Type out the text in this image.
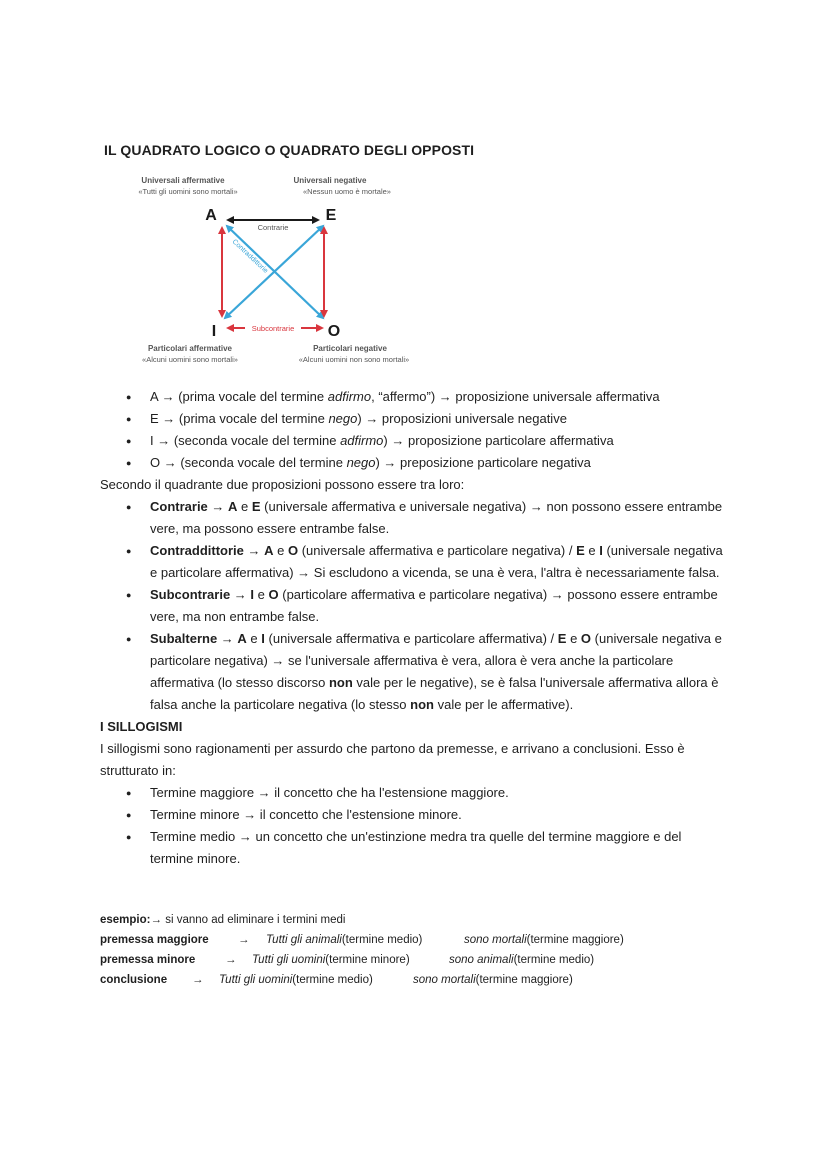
IL QUADRATO LOGICO O QUADRATO DEGLI OPPOSTI
Universali affermative
«Tutti gli uomini sono mortali»
Universali negative
«Nessun uomo è mortale»
A	E
I	O
Contrarie
Contraddittorie
Subcontrarie
Particolari affermative
«Alcuni uomini sono mortali»
Particolari negative
«Alcuni uomini non sono mortali»
● A → (prima vocale del termine adfirmo, “affermo”) → proposizione universale affermativa
● E → (prima vocale del termine nego) → proposizioni universale negative
● I → (seconda vocale del termine adfirmo) → proposizione particolare affermativa
● O → (seconda vocale del termine nego) → preposizione particolare negativa
Secondo il quadrante due proposizioni possono essere tra loro:
● Contrarie → A e E (universale affermativa e universale negativa) → non possono essere entrambe vere, ma possono essere entrambe false.
● Contraddittorie → A e O (universale affermativa e particolare negativa) / E e I (universale negativa e particolare affermativa) → Si escludono a vicenda, se una è vera, l'altra è necessariamente falsa.
● Subcontrarie → I e O (particolare affermativa e particolare negativa) → possono essere entrambe vere, ma non entrambe false.
● Subalterne → A e I (universale affermativa e particolare affermativa) / E e O (universale negativa e particolare negativa) → se l'universale affermativa è vera, allora è vera anche la particolare affermativa (lo stesso discorso non vale per le negative), se è falsa l'universale affermativa allora è falsa anche la particolare negativa (lo stesso non vale per le affermative).
I SILLOGISMI
I sillogismi sono ragionamenti per assurdo che partono da premesse, e arrivano a conclusioni. Esso è strutturato in:
● Termine maggiore → il concetto che ha l'estensione maggiore.
● Termine minore → il concetto che l'estensione minore.
● Termine medio → un concetto che un'estinzione medra tra quelle del termine maggiore e del termine minore.
esempio: → si vanno ad eliminare i termini medi
premessa maggiore	→ Tutti gli animali (termine medio)	sono mortali (termine maggiore)
premessa minore	→ Tutti gli uomini (termine minore)	sono animali (termine medio)
conclusione → Tutti gli uomini (termine medio)	sono mortali (termine maggiore)
